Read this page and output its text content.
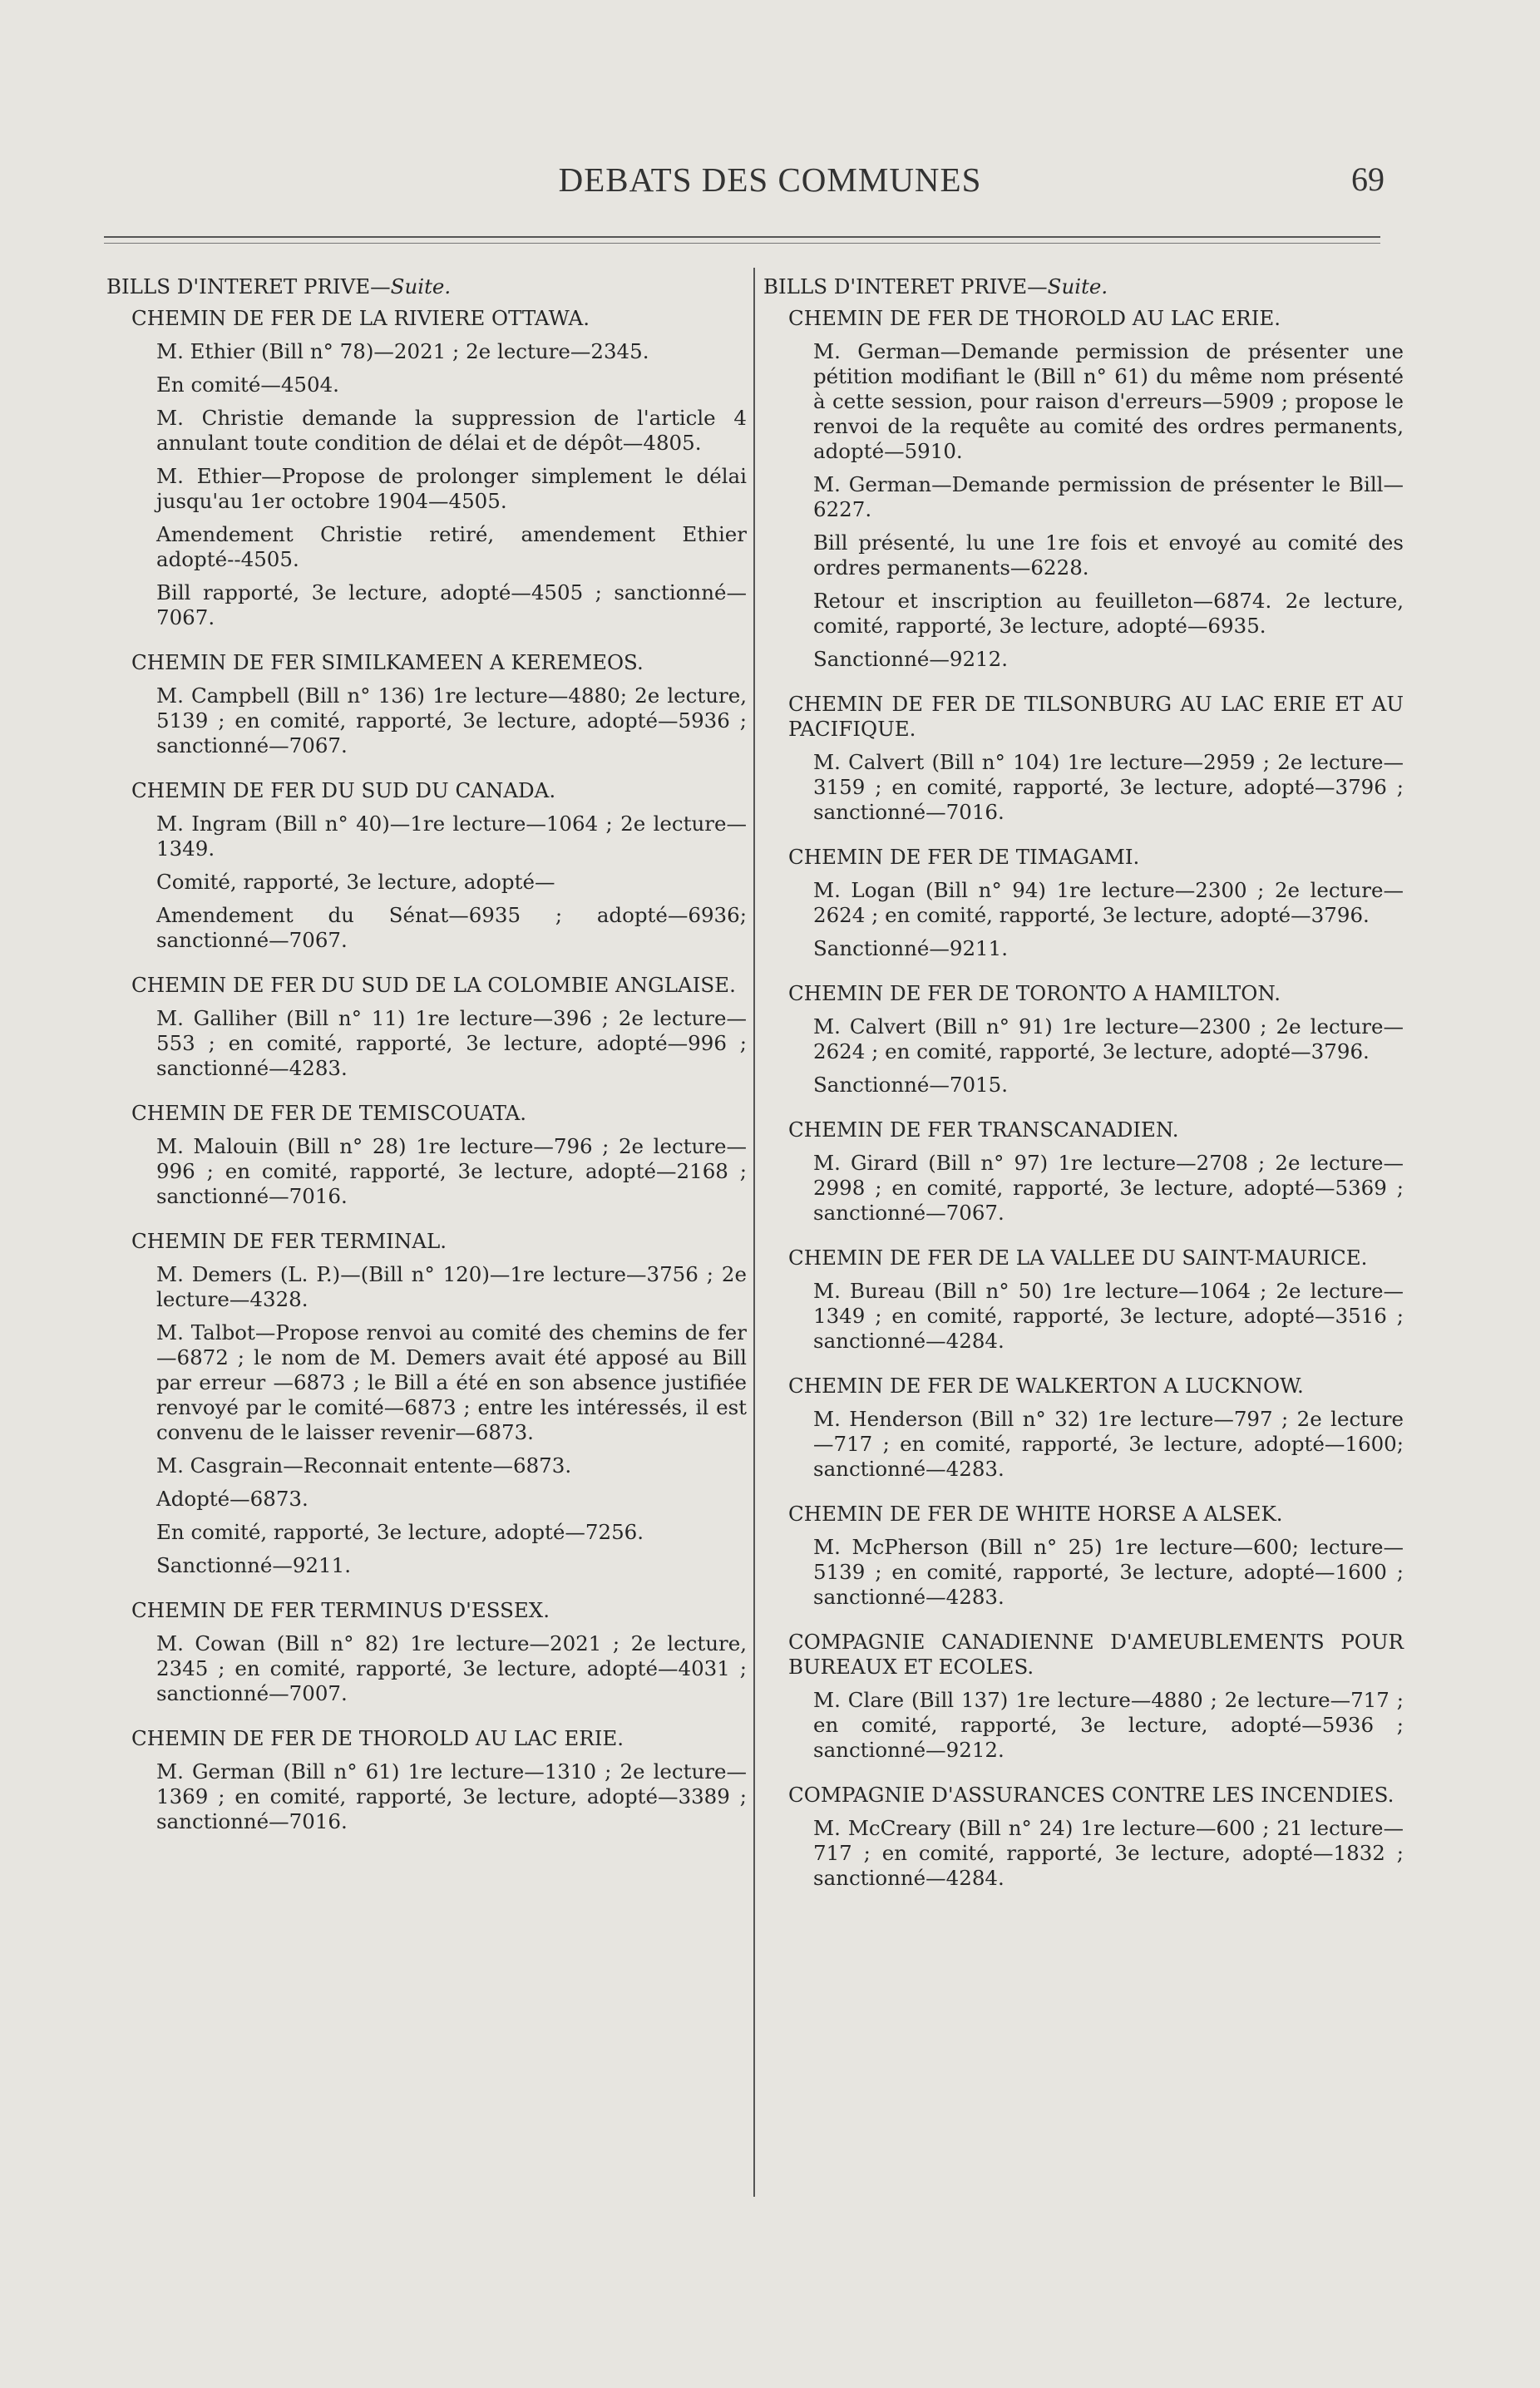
DEBATS DES COMMUNES	69
BILLS D'INTERET PRIVE—Suite.
CHEMIN DE FER DE LA RIVIERE OTTAWA.
M. Ethier (Bill n° 78)—2021 ; 2e lecture—2345.
En comité—4504.
M. Christie demande la suppression de l'article 4 annulant toute condition de délai et de dépôt—4805.
M. Ethier—Propose de prolonger simplement le délai jusqu'au 1er octobre 1904—4505.
Amendement Christie retiré, amendement Ethier adopté--4505.
Bill rapporté, 3e lecture, adopté—4505 ; sanctionné—7067.
CHEMIN DE FER SIMILKAMEEN A KEREMEOS.
M. Campbell (Bill n° 136) 1re lecture—4880; 2e lecture, 5139 ; en comité, rapporté, 3e lecture, adopté—5936 ; sanctionné—7067.
CHEMIN DE FER DU SUD DU CANADA.
M. Ingram (Bill n° 40)—1re lecture—1064 ; 2e lecture—1349.
Comité, rapporté, 3e lecture, adopté—
Amendement du Sénat—6935 ; adopté—6936; sanctionné—7067.
CHEMIN DE FER DU SUD DE LA COLOMBIE ANGLAISE.
M. Galliher (Bill n° 11) 1re lecture—396 ; 2e lecture—553 ; en comité, rapporté, 3e lecture, adopté—996 ; sanctionné—4283.
CHEMIN DE FER DE TEMISCOUATA.
M. Malouin (Bill n° 28) 1re lecture—796 ; 2e lecture—996 ; en comité, rapporté, 3e lecture, adopté—2168 ; sanctionné—7016.
CHEMIN DE FER TERMINAL.
M. Demers (L. P.)—(Bill n° 120)—1re lecture—3756 ; 2e lecture—4328.
M. Talbot—Propose renvoi au comité des chemins de fer—6872 ; le nom de M. Demers avait été apposé au Bill par erreur —6873 ; le Bill a été en son absence justifiée renvoyé par le comité—6873 ; entre les intéressés, il est convenu de le laisser revenir—6873.
M. Casgrain—Reconnait entente—6873.
Adopté—6873.
En comité, rapporté, 3e lecture, adopté—7256.
Sanctionné—9211.
CHEMIN DE FER TERMINUS D'ESSEX.
M. Cowan (Bill n° 82) 1re lecture—2021 ; 2e lecture, 2345 ; en comité, rapporté, 3e lecture, adopté—4031 ; sanctionné—7007.
CHEMIN DE FER DE THOROLD AU LAC ERIE.
M. German (Bill n° 61) 1re lecture—1310 ; 2e lecture—1369 ; en comité, rapporté, 3e lecture, adopté—3389 ; sanctionné—7016.
BILLS D'INTERET PRIVE—Suite.
CHEMIN DE FER DE THOROLD AU LAC ERIE.
M. German—Demande permission de présenter une pétition modifiant le (Bill n° 61) du même nom présenté à cette session, pour raison d'erreurs—5909 ; propose le renvoi de la requête au comité des ordres permanents, adopté—5910.
M. German—Demande permission de présenter le Bill—6227.
Bill présenté, lu une 1re fois et envoyé au comité des ordres permanents—6228.
Retour et inscription au feuilleton—6874. 2e lecture, comité, rapporté, 3e lecture, adopté—6935.
Sanctionné—9212.
CHEMIN DE FER DE TILSONBURG AU LAC ERIE ET AU PACIFIQUE.
M. Calvert (Bill n° 104) 1re lecture—2959 ; 2e lecture—3159 ; en comité, rapporté, 3e lecture, adopté—3796 ; sanctionné—7016.
CHEMIN DE FER DE TIMAGAMI.
M. Logan (Bill n° 94) 1re lecture—2300 ; 2e lecture—2624 ; en comité, rapporté, 3e lecture, adopté—3796.
Sanctionné—9211.
CHEMIN DE FER DE TORONTO A HAMILTON.
M. Calvert (Bill n° 91) 1re lecture—2300 ; 2e lecture—2624 ; en comité, rapporté, 3e lecture, adopté—3796.
Sanctionné—7015.
CHEMIN DE FER TRANSCANADIEN.
M. Girard (Bill n° 97) 1re lecture—2708 ; 2e lecture—2998 ; en comité, rapporté, 3e lecture, adopté—5369 ; sanctionné—7067.
CHEMIN DE FER DE LA VALLEE DU SAINT-MAURICE.
M. Bureau (Bill n° 50) 1re lecture—1064 ; 2e lecture—1349 ; en comité, rapporté, 3e lecture, adopté—3516 ; sanctionné—4284.
CHEMIN DE FER DE WALKERTON A LUCKNOW.
M. Henderson (Bill n° 32) 1re lecture—797 ; 2e lecture—717 ; en comité, rapporté, 3e lecture, adopté—1600; sanctionné—4283.
CHEMIN DE FER DE WHITE HORSE A ALSEK.
M. McPherson (Bill n° 25) 1re lecture—600; lecture—5139 ; en comité, rapporté, 3e lecture, adopté—1600 ; sanctionné—4283.
COMPAGNIE CANADIENNE D'AMEUBLEMENTS POUR BUREAUX ET ECOLES.
M. Clare (Bill 137) 1re lecture—4880 ; 2e lecture—717 ; en comité, rapporté, 3e lecture, adopté—5936 ; sanctionné—9212.
COMPAGNIE D'ASSURANCES CONTRE LES INCENDIES.
M. McCreary (Bill n° 24) 1re lecture—600 ; 21 lecture—717 ; en comité, rapporté, 3e lecture, adopté—1832 ; sanctionné—4284.
